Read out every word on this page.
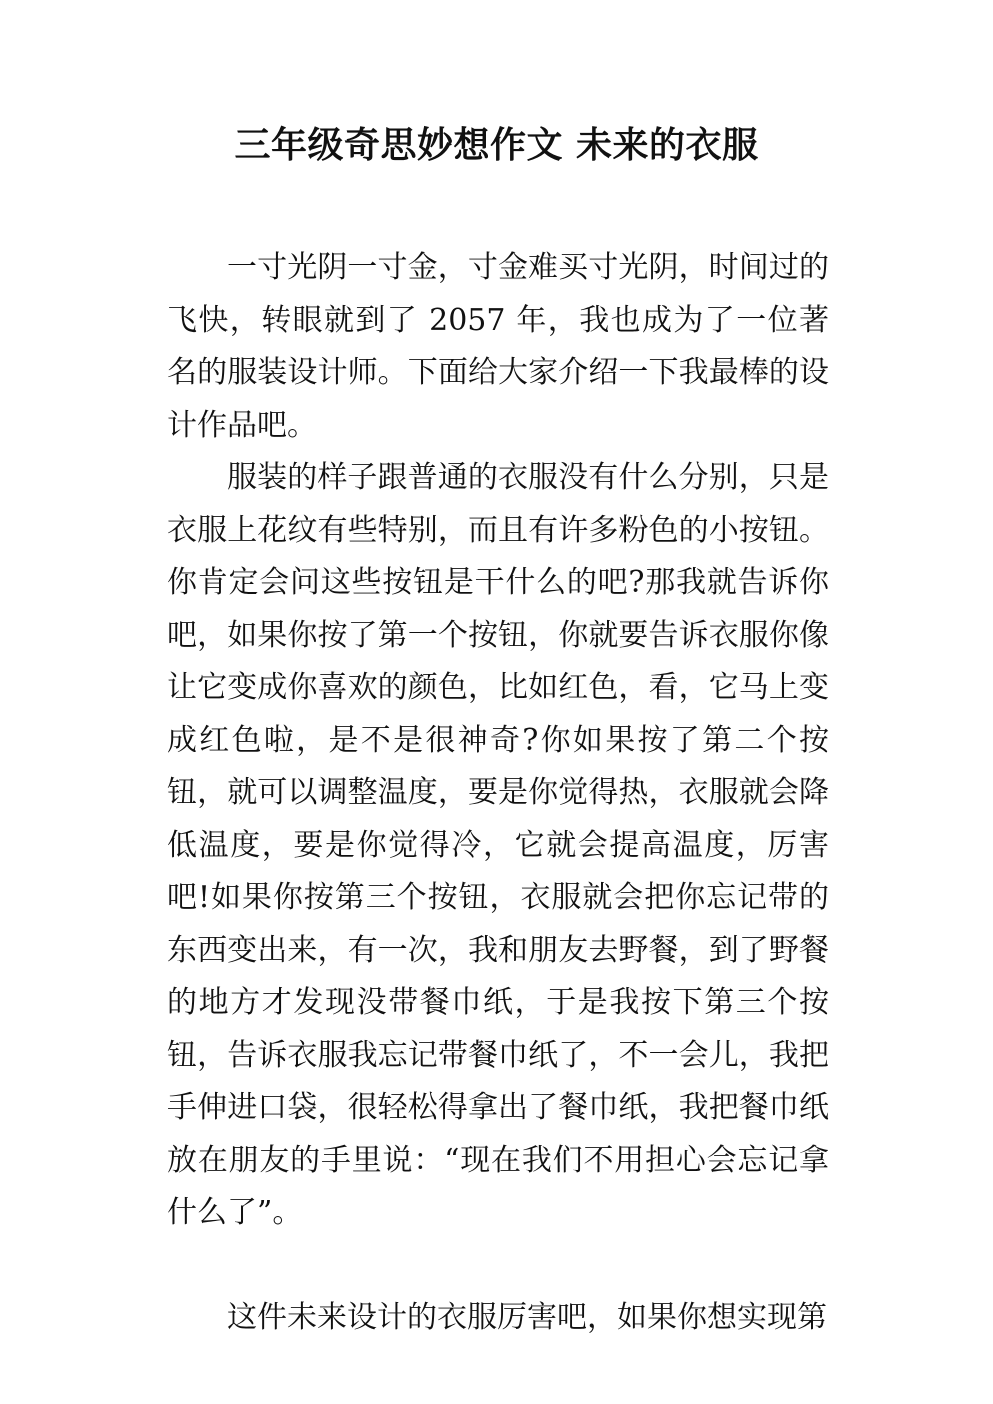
三年级奇思妙想作文 未来的衣服

一寸光阴一寸金，寸金难买寸光阴，时间过的飞快，转眼就到了 2057 年，我也成为了一位著名的服装设计师。下面给大家介绍一下我最棒的设计作品吧。

服装的样子跟普通的衣服没有什么分别，只是衣服上花纹有些特别，而且有许多粉色的小按钮。你肯定会问这些按钮是干什么的吧?那我就告诉你吧，如果你按了第一个按钮，你就要告诉衣服你像让它变成你喜欢的颜色，比如红色，看，它马上变成红色啦，是不是很神奇?你如果按了第二个按钮，就可以调整温度，要是你觉得热，衣服就会降低温度，要是你觉得冷，它就会提高温度，厉害吧!如果你按第三个按钮，衣服就会把你忘记带的东西变出来，有一次，我和朋友去野餐，到了野餐的地方才发现没带餐巾纸，于是我按下第三个按钮，告诉衣服我忘记带餐巾纸了，不一会儿，我把手伸进口袋，很轻松得拿出了餐巾纸，我把餐巾纸放在朋友的手里说：“现在我们不用担心会忘记拿什么了”。

这件未来设计的衣服厉害吧，如果你想实现第
